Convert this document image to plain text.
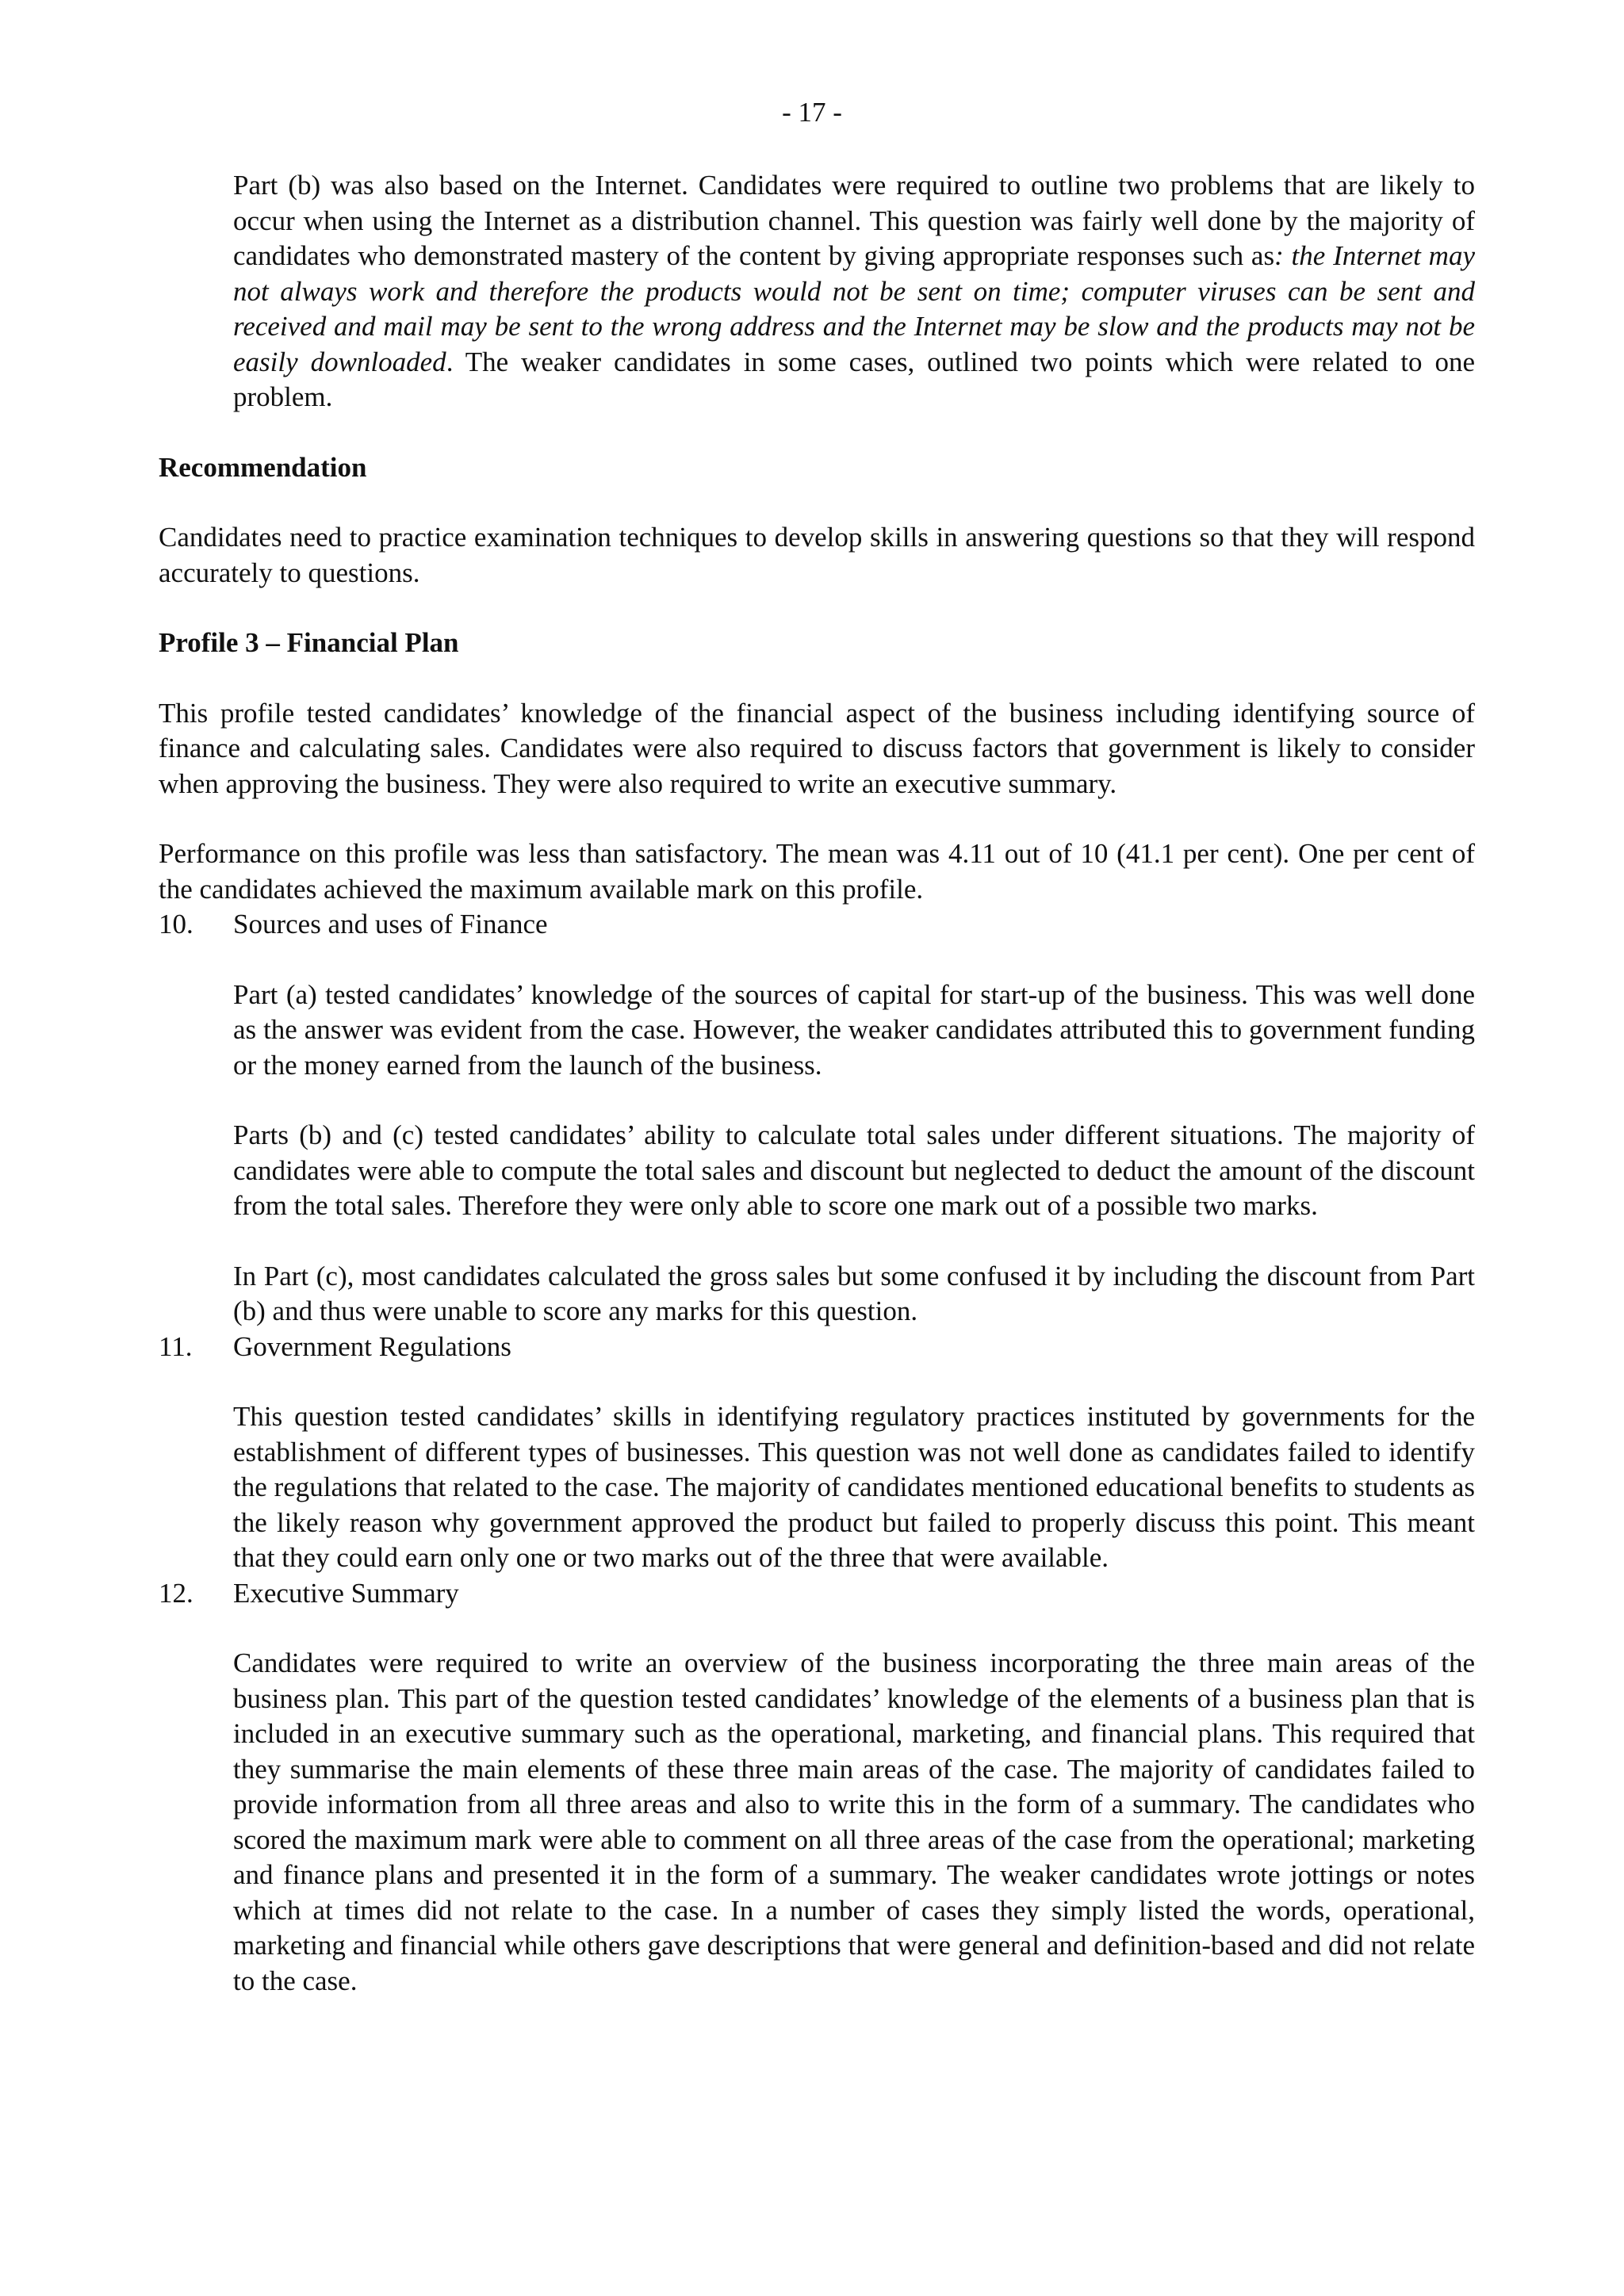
- 17 -

Part (b) was also based on the Internet. Candidates were required to outline two problems that are likely to occur when using the Internet as a distribution channel. This question was fairly well done by the majority of candidates who demonstrated mastery of the content by giving appropriate responses such as: the Internet may not always work and therefore the products would not be sent on time; computer viruses can be sent and received and mail may be sent to the wrong address and the Internet may be slow and the products may not be easily downloaded. The weaker candidates in some cases, outlined two points which were related to one problem.

Recommendation

Candidates need to practice examination techniques to develop skills in answering questions so that they will respond accurately to questions.

Profile 3 – Financial Plan

This profile tested candidates’ knowledge of the financial aspect of the business including identifying source of finance and calculating sales. Candidates were also required to discuss factors that government is likely to consider when approving the business. They were also required to write an executive summary.

Performance on this profile was less than satisfactory. The mean was 4.11 out of 10 (41.1 per cent). One per cent of the candidates achieved the maximum available mark on this profile.

10.	Sources and uses of Finance

Part (a) tested candidates’ knowledge of the sources of capital for start-up of the business. This was well done as the answer was evident from the case. However, the weaker candidates attributed this to government funding or the money earned from the launch of the business.

Parts (b) and (c) tested candidates’ ability to calculate total sales under different situations. The majority of candidates were able to compute the total sales and discount but neglected to deduct the amount of the discount from the total sales. Therefore they were only able to score one mark out of a possible two marks.

In Part (c), most candidates calculated the gross sales but some confused it by including the discount from Part (b) and thus were unable to score any marks for this question.

11.	Government Regulations

This question tested candidates’ skills in identifying regulatory practices instituted by governments for the establishment of different types of businesses. This question was not well done as candidates failed to identify the regulations that related to the case. The majority of candidates mentioned educational benefits to students as the likely reason why government approved the product but failed to properly discuss this point. This meant that they could earn only one or two marks out of the three that were available.

12.	Executive Summary

Candidates were required to write an overview of the business incorporating the three main areas of the business plan. This part of the question tested candidates’ knowledge of the elements of a business plan that is included in an executive summary such as the operational, marketing, and financial plans. This required that they summarise the main elements of these three main areas of the case. The majority of candidates failed to provide information from all three areas and also to write this in the form of a summary. The candidates who scored the maximum mark were able to comment on all three areas of the case from the operational; marketing and finance plans and presented it in the form of a summary. The weaker candidates wrote jottings or notes which at times did not relate to the case. In a number of cases they simply listed the words, operational, marketing and financial while others gave descriptions that were general and definition-based and did not relate to the case.
